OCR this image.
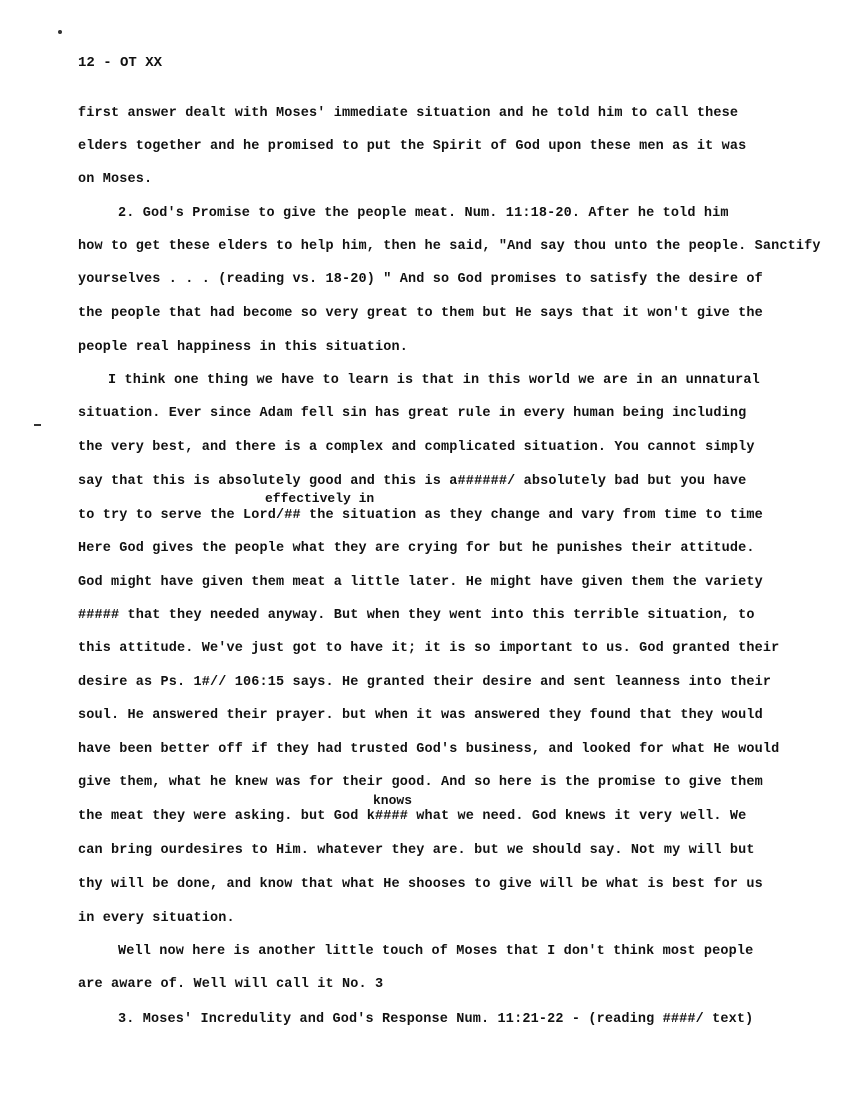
12 - OT XX
first answer dealt with Moses' immediate situation and he told him to call these
elders together and he promised to put the Spirit of God upon these men as it was
on Moses.
2. God's Promise to give the people meat. Num. 11:18-20. After he told him
how to get these elders to help him, then he said, "And say thou unto the people. Sanctify
yourselves . . . (reading vs. 18-20) " And so God promises to satisfy the desire of
the people that had become so very great to them but He says that it won't give the
people real happiness in this situation.
I think one thing we have to learn is that in this world we are in an unnatural
situation. Ever since Adam fell sin has great rule in every human being including
the very best, and there is a complex and complicated situation. You cannot simply
say that this is absolutely good and this is a######/ absolutely bad but you have
effectively in
to try to serve the Lord/## the situation as they change and vary from time to time
Here God gives the people what they are crying for but he punishes their attitude.
God might have given them meat a little later. He might have given them the variety
##### that they needed anyway. But when they went into this terrible situation, to
this attitude. We've just got to have it; it is so important to us. God granted their
desire as Ps. 1#// 106:15 says. He granted their desire and sent leanness into their
soul. He answered their prayer. but when it was answered they found that they would
have been better off if they had trusted God's business, and looked for what He would
give them, what he knew was for their good. And so here is the promise to give them
knows
the meat they were asking. but God k#### what we need. God knews it very well. We
can bring ourdesires to Him. whatever they are. but we should say. Not my will but
thy will be done, and know that what He shooses to give will be what is best for us
in every situation.
Well now here is another little touch of Moses that I don't think most people
are aware of. Well will call it No. 3
3. Moses' Incredulity and God's Response Num. 11:21-22 - (reading ####/ text)
